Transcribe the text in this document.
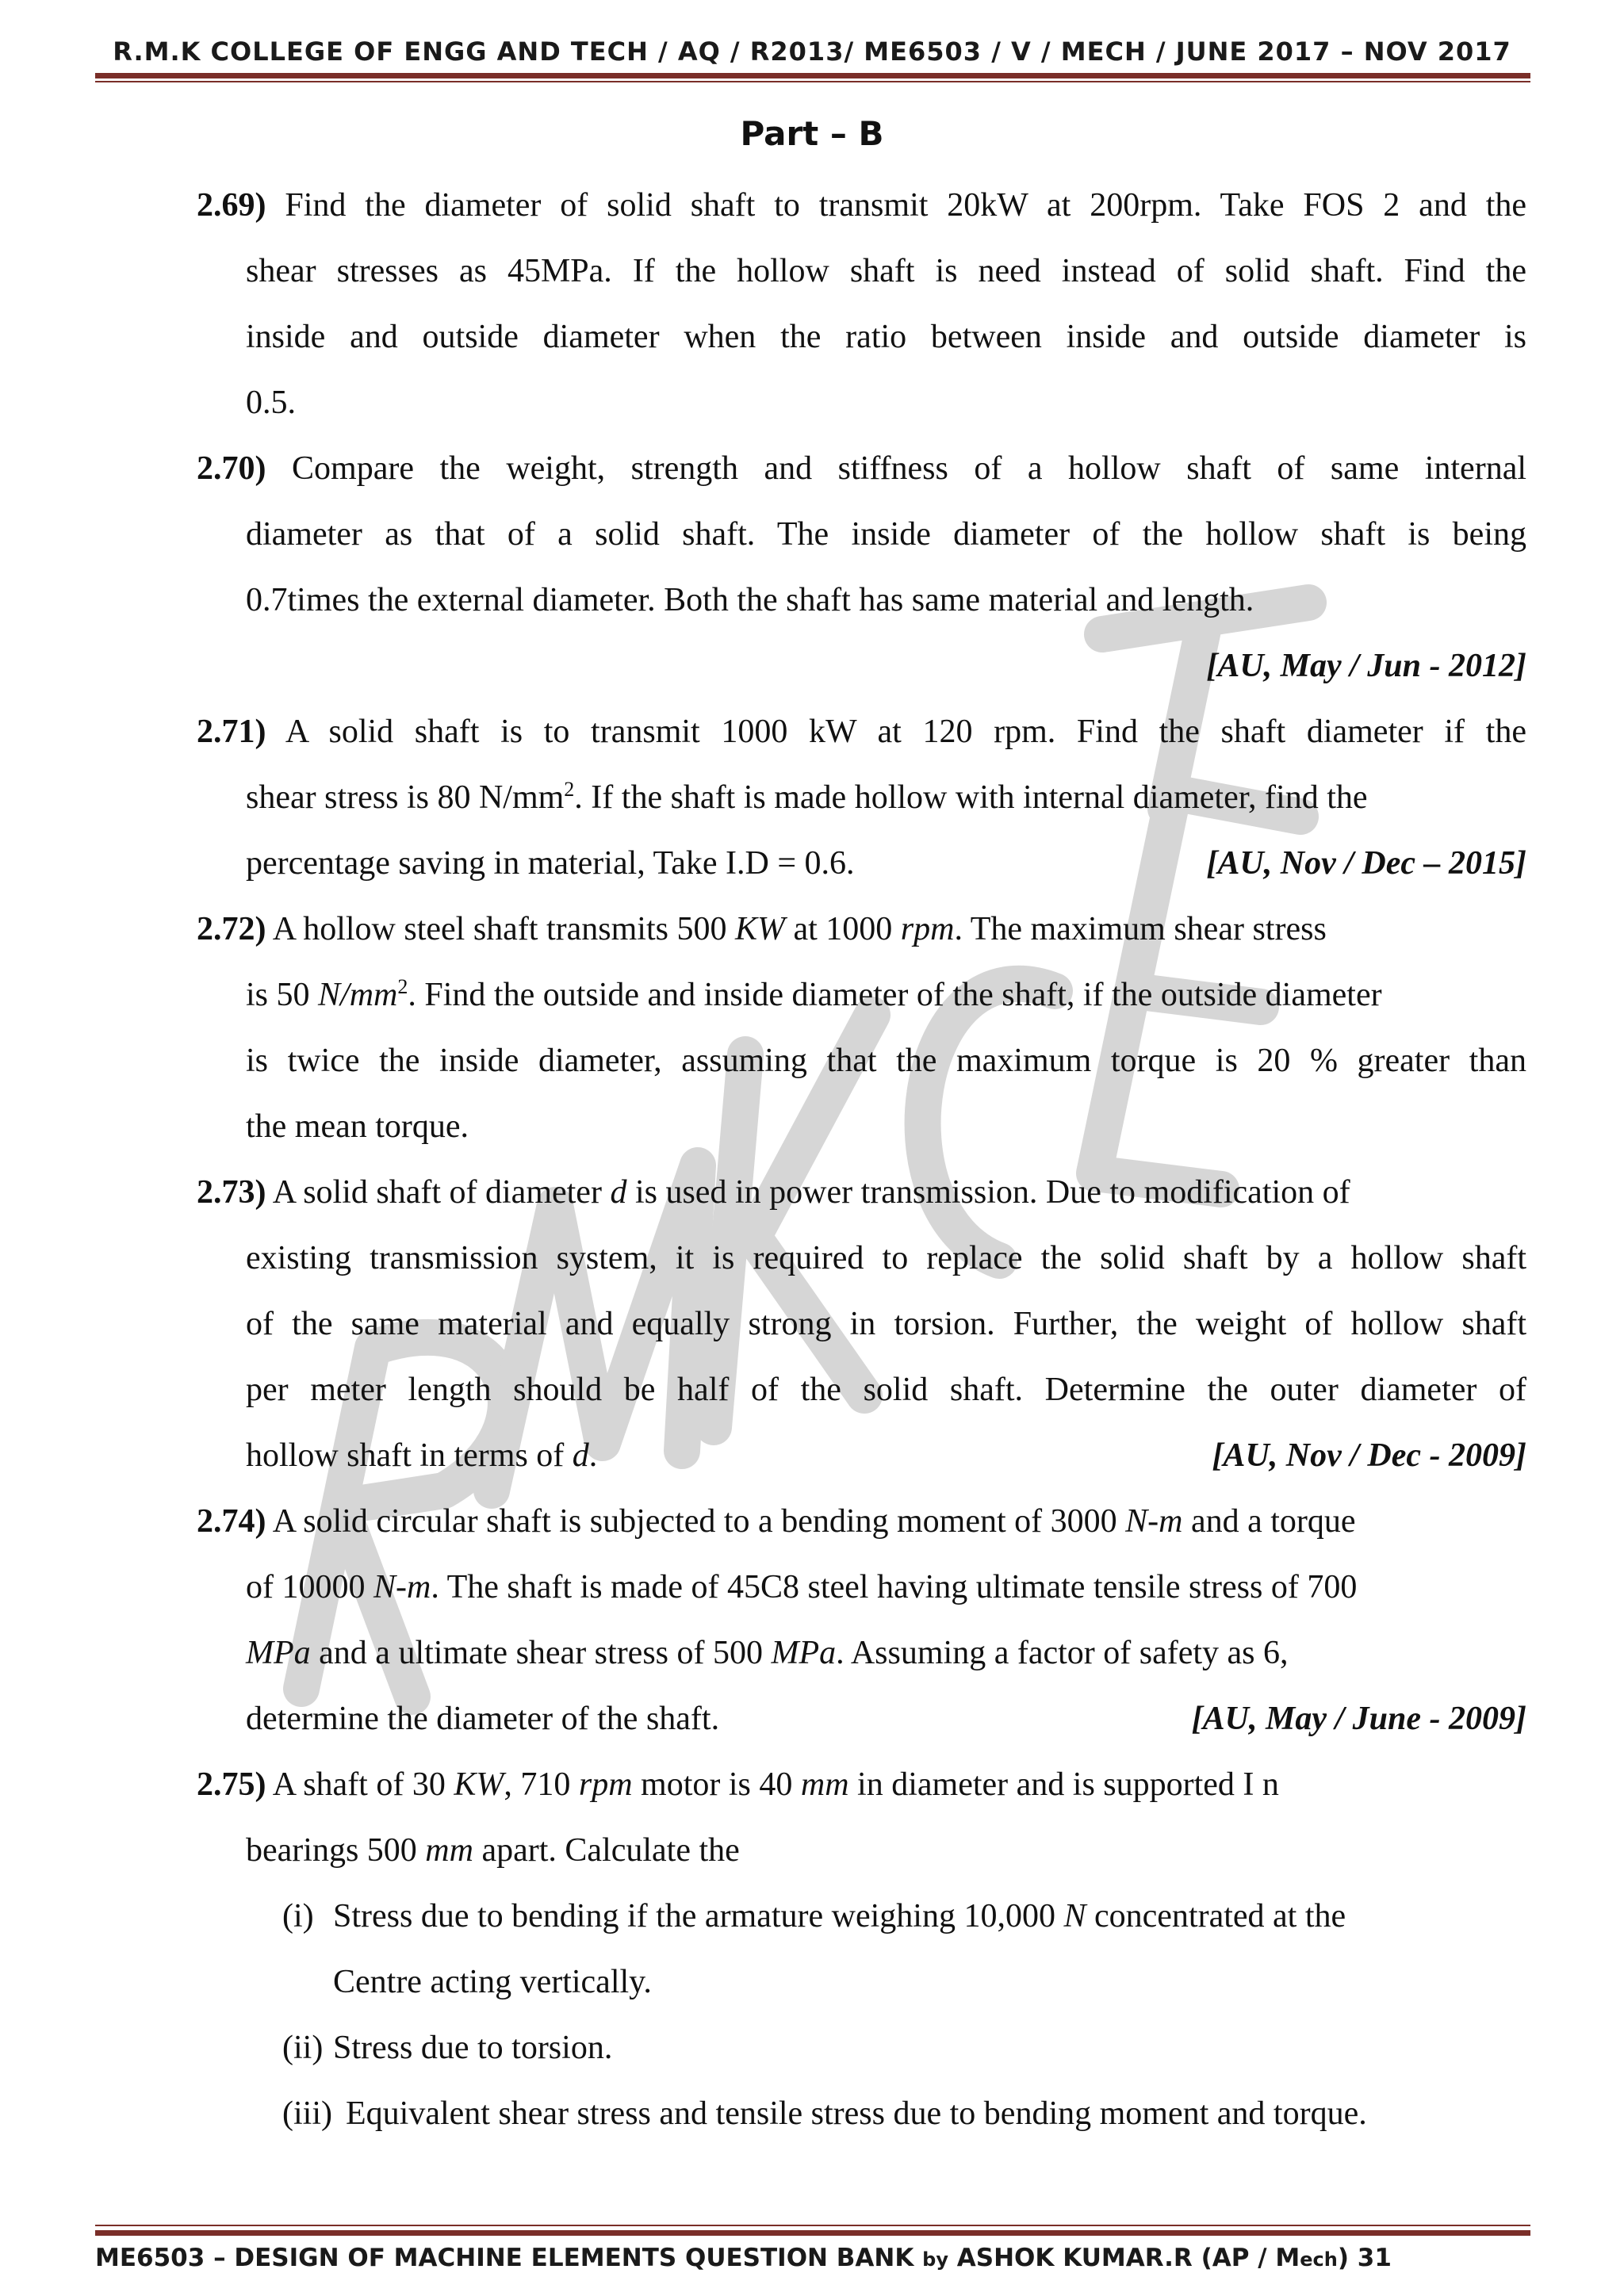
R.M.K COLLEGE OF ENGG AND TECH / AQ / R2013/ ME6503 / V / MECH / JUNE 2017 – NOV 2017
Part – B
2.69) Find the diameter of solid shaft to transmit 20kW at 200rpm. Take FOS 2 and the
shear stresses as 45MPa. If the hollow shaft is need instead of solid shaft. Find the
inside and outside diameter when the ratio between inside and outside diameter is
0.5.
2.70) Compare the weight, strength and stiffness of a hollow shaft of same internal
diameter as that of a solid shaft. The inside diameter of the hollow shaft is being
0.7times the external diameter. Both the shaft has same material and length.
[AU, May / Jun - 2012]
2.71) A solid shaft is to transmit 1000 kW at 120 rpm. Find the shaft diameter if the
shear stress is 80 $N/mm^2$. If the shaft is made hollow with internal diameter, find the
percentage saving in material, Take I.D = 0.6.	[AU, Nov / Dec – 2015]
2.72) A hollow steel shaft transmits 500 KW at 1000 rpm. The maximum shear stress
is 50 $N/mm^2$. Find the outside and inside diameter of the shaft, if the outside diameter
is twice the inside diameter, assuming that the maximum torque is 20 % greater than
the mean torque.
2.73) A solid shaft of diameter d is used in power transmission. Due to modification of
existing transmission system, it is required to replace the solid shaft by a hollow shaft
of the same material and equally strong in torsion. Further, the weight of hollow shaft
per meter length should be half of the solid shaft. Determine the outer diameter of
hollow shaft in terms of d.	[AU, Nov / Dec - 2009]
2.74) A solid circular shaft is subjected to a bending moment of 3000 N-m and a torque
of 10000 N-m. The shaft is made of 45C8 steel having ultimate tensile stress of 700
MPa and a ultimate shear stress of 500 MPa. Assuming a factor of safety as 6,
determine the diameter of the shaft.	[AU, May / June - 2009]
2.75) A shaft of 30 KW, 710 rpm motor is 40 mm in diameter and is supported I n
bearings 500 mm apart. Calculate the
(i) Stress due to bending if the armature weighing 10,000 N concentrated at the
Centre acting vertically.
(ii) Stress due to torsion.
(iii) Equivalent shear stress and tensile stress due to bending moment and torque.
ME6503 – DESIGN OF MACHINE ELEMENTS QUESTION BANK by ASHOK KUMAR.R (AP / Mech) 31
